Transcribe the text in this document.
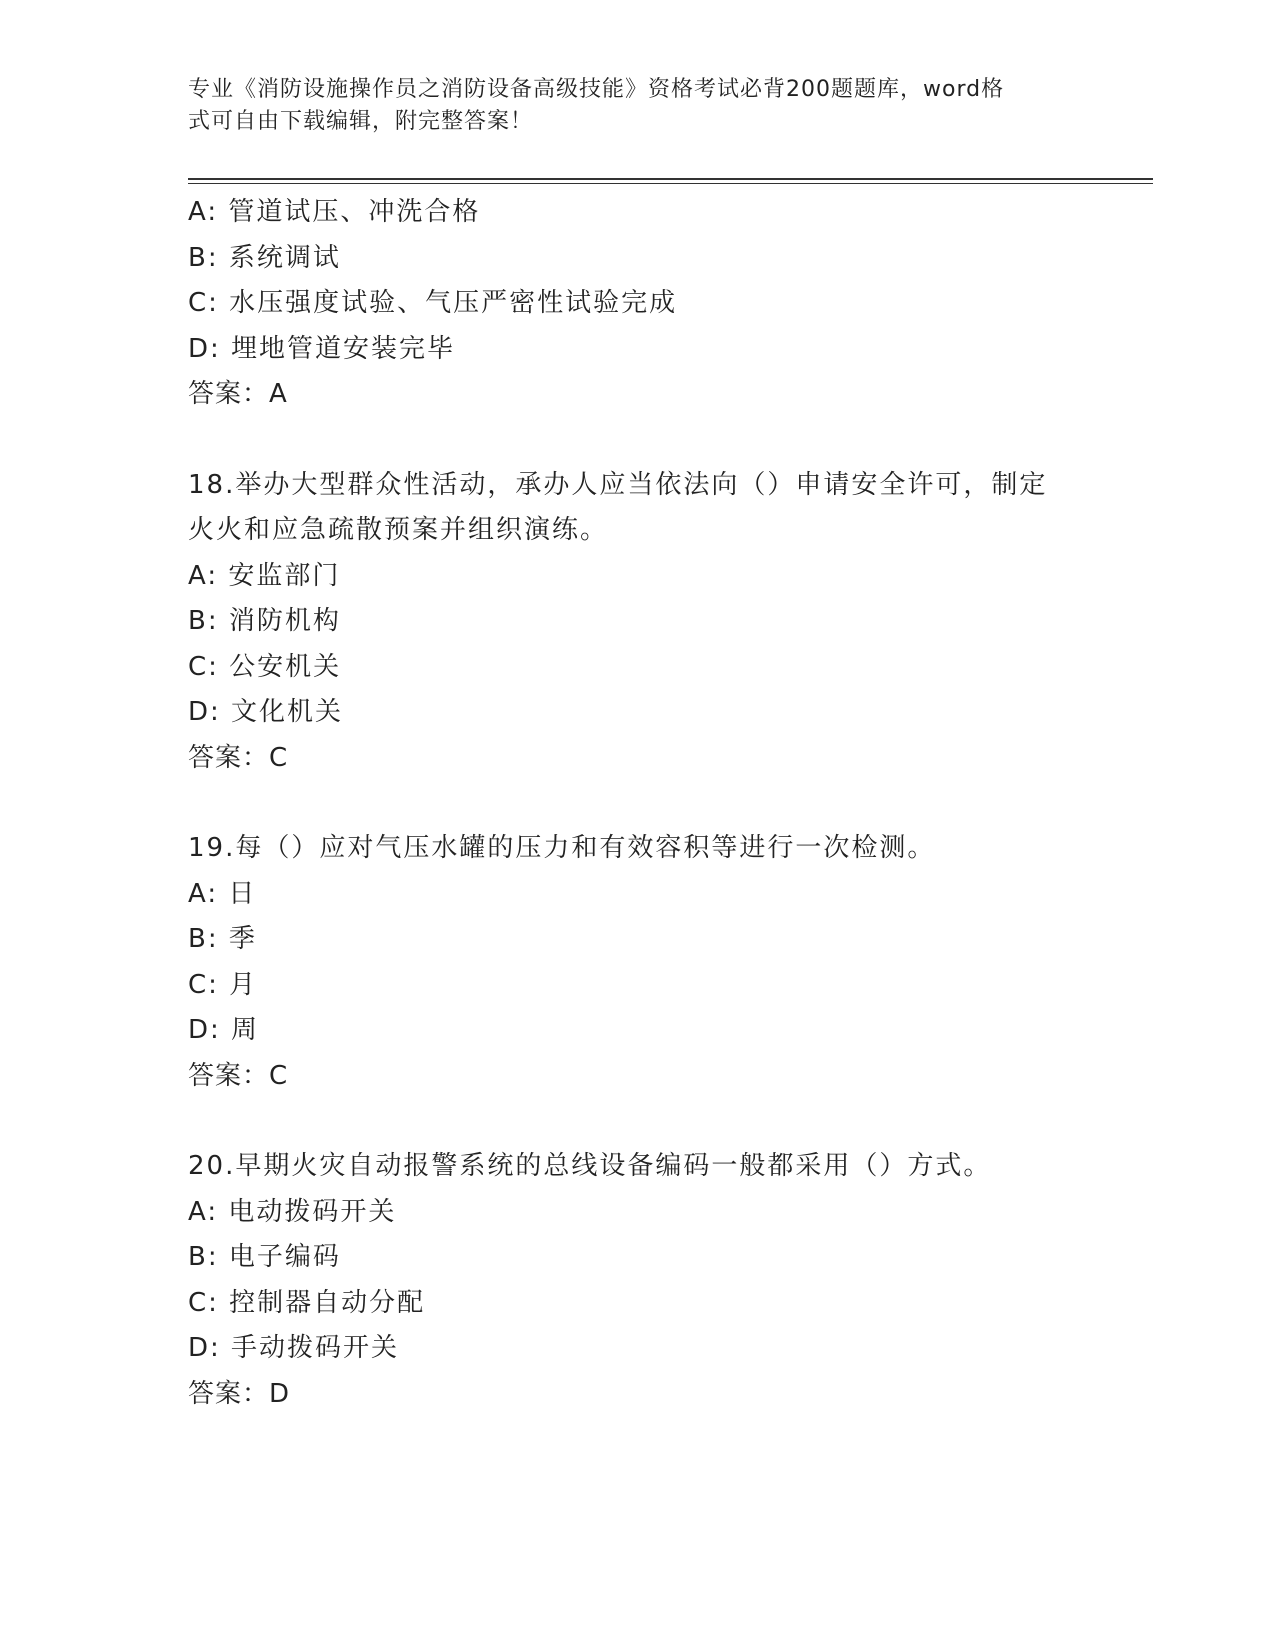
专业《消防设施操作员之消防设备高级技能》资格考试必背200题题库，word格
式可自由下载编辑，附完整答案！
A: 管道试压、冲洗合格
B: 系统调试
C: 水压强度试验、气压严密性试验完成
D: 埋地管道安装完毕
答案：A
18.举办大型群众性活动，承办人应当依法向（）申请安全许可，制定
火火和应急疏散预案并组织演练。
A: 安监部门
B: 消防机构
C: 公安机关
D: 文化机关
答案：C
19.每（）应对气压水罐的压力和有效容积等进行一次检测。
A: 日
B: 季
C: 月
D: 周
答案：C
20.早期火灾自动报警系统的总线设备编码一般都采用（）方式。
A: 电动拨码开关
B: 电子编码
C: 控制器自动分配
D: 手动拨码开关
答案：D
